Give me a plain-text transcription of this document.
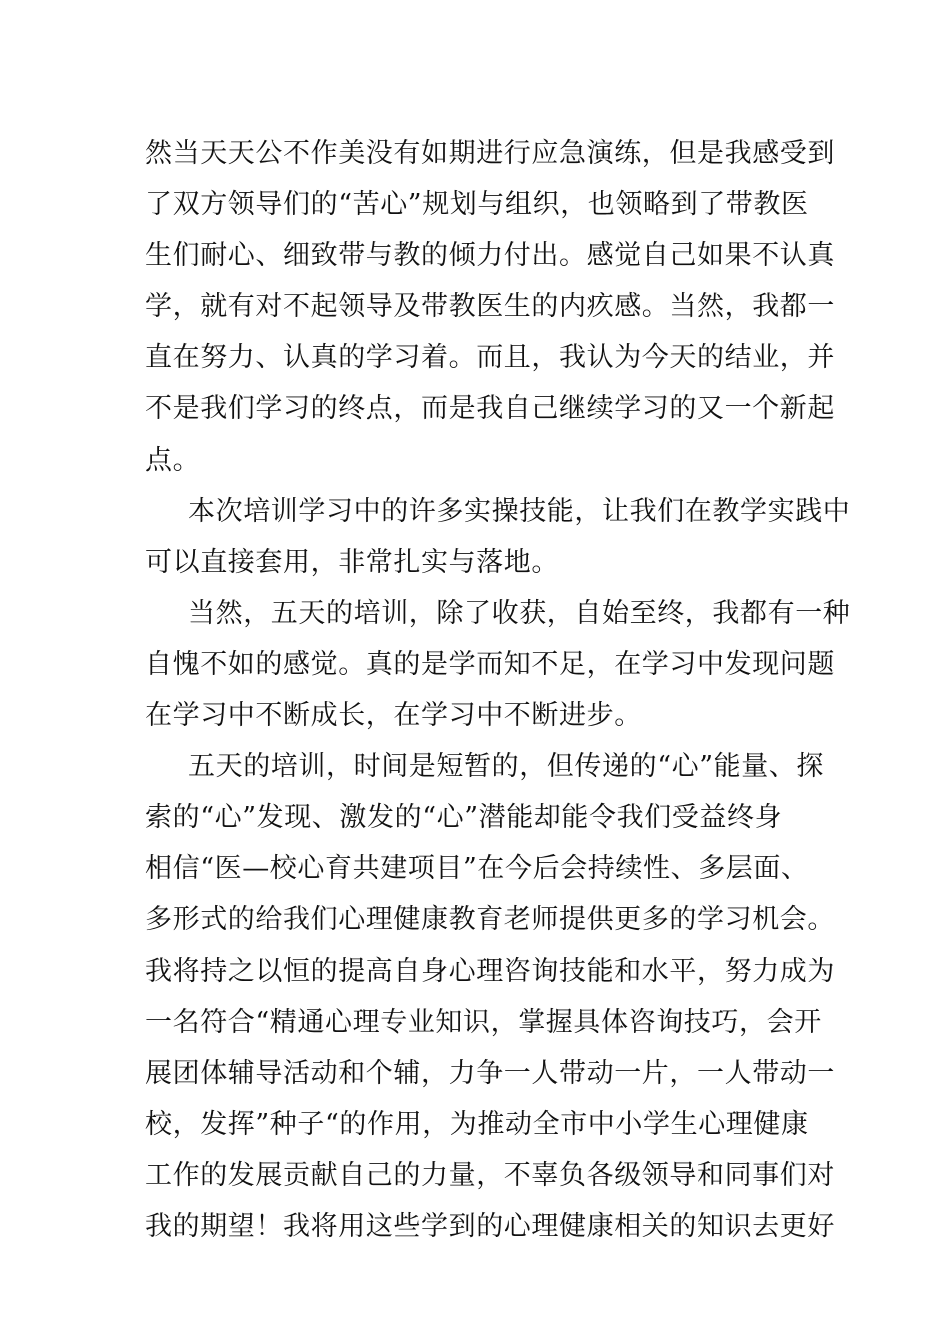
然当天天公不作美没有如期进行应急演练，但是我感受到
了双方领导们的“苦心”规划与组织，也领略到了带教医
生们耐心、细致带与教的倾力付出。感觉自己如果不认真
学，就有对不起领导及带教医生的内疚感。当然，我都一
直在努力、认真的学习着。而且，我认为今天的结业，并
不是我们学习的终点，而是我自己继续学习的又一个新起
点。
本次培训学习中的许多实操技能，让我们在教学实践中
可以直接套用，非常扎实与落地。
当然，五天的培训，除了收获，自始至终，我都有一种
自愧不如的感觉。真的是学而知不足，在学习中发现问题
在学习中不断成长，在学习中不断进步。
五天的培训，时间是短暂的，但传递的“心”能量、探
索的“心”发现、激发的“心”潜能却能令我们受益终身
相信“医—校心育共建项目”在今后会持续性、多层面、
多形式的给我们心理健康教育老师提供更多的学习机会。
我将持之以恒的提高自身心理咨询技能和水平，努力成为
一名符合“精通心理专业知识，掌握具体咨询技巧，会开
展团体辅导活动和个辅，力争一人带动一片，一人带动一
校，发挥”种子“的作用，为推动全市中小学生心理健康
工作的发展贡献自己的力量，不辜负各级领导和同事们对
我的期望！我将用这些学到的心理健康相关的知识去更好
